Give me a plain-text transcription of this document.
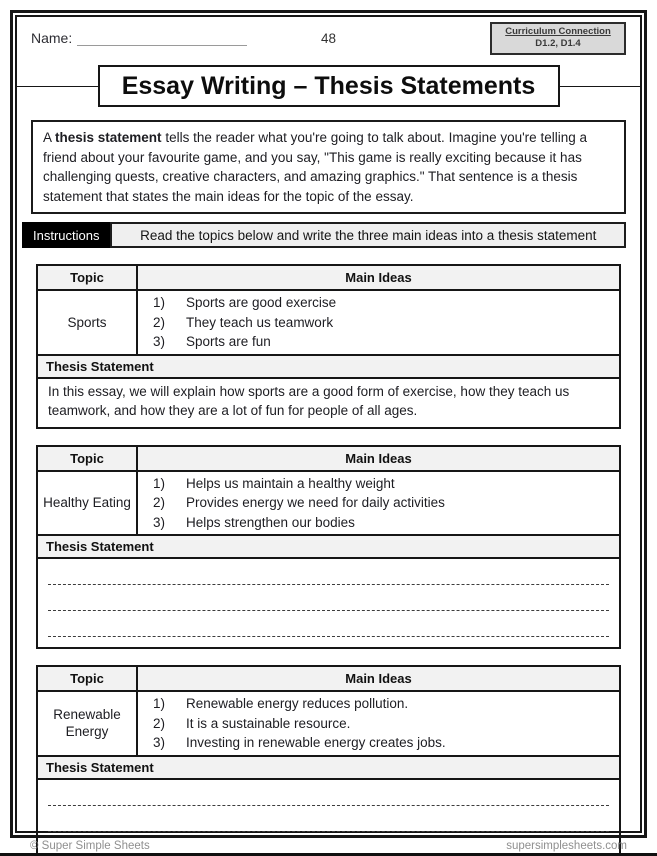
Name:	48	Curriculum Connection
D1.2, D1.4
Essay Writing – Thesis Statements
A thesis statement tells the reader what you're going to talk about. Imagine you're telling a friend about your favourite game, and you say, "This game is really exciting because it has challenging quests, creative characters, and amazing graphics." That sentence is a thesis statement that states the main ideas for the topic of the essay.
Instructions	Read the topics below and write the three main ideas into a thesis statement
Topic	Main Ideas
Sports
1)	Sports are good exercise
2)	They teach us teamwork
3)	Sports are fun
Thesis Statement
In this essay, we will explain how sports are a good form of exercise, how they teach us teamwork, and how they are a lot of fun for people of all ages.
Topic	Main Ideas
Healthy Eating
1)	Helps us maintain a healthy weight
2)	Provides energy we need for daily activities
3)	Helps strengthen our bodies
Thesis Statement
Topic	Main Ideas
Renewable Energy
1)	Renewable energy reduces pollution.
2)	It is a sustainable resource.
3)	Investing in renewable energy creates jobs.
Thesis Statement
© Super Simple Sheets	supersimplesheets.com
